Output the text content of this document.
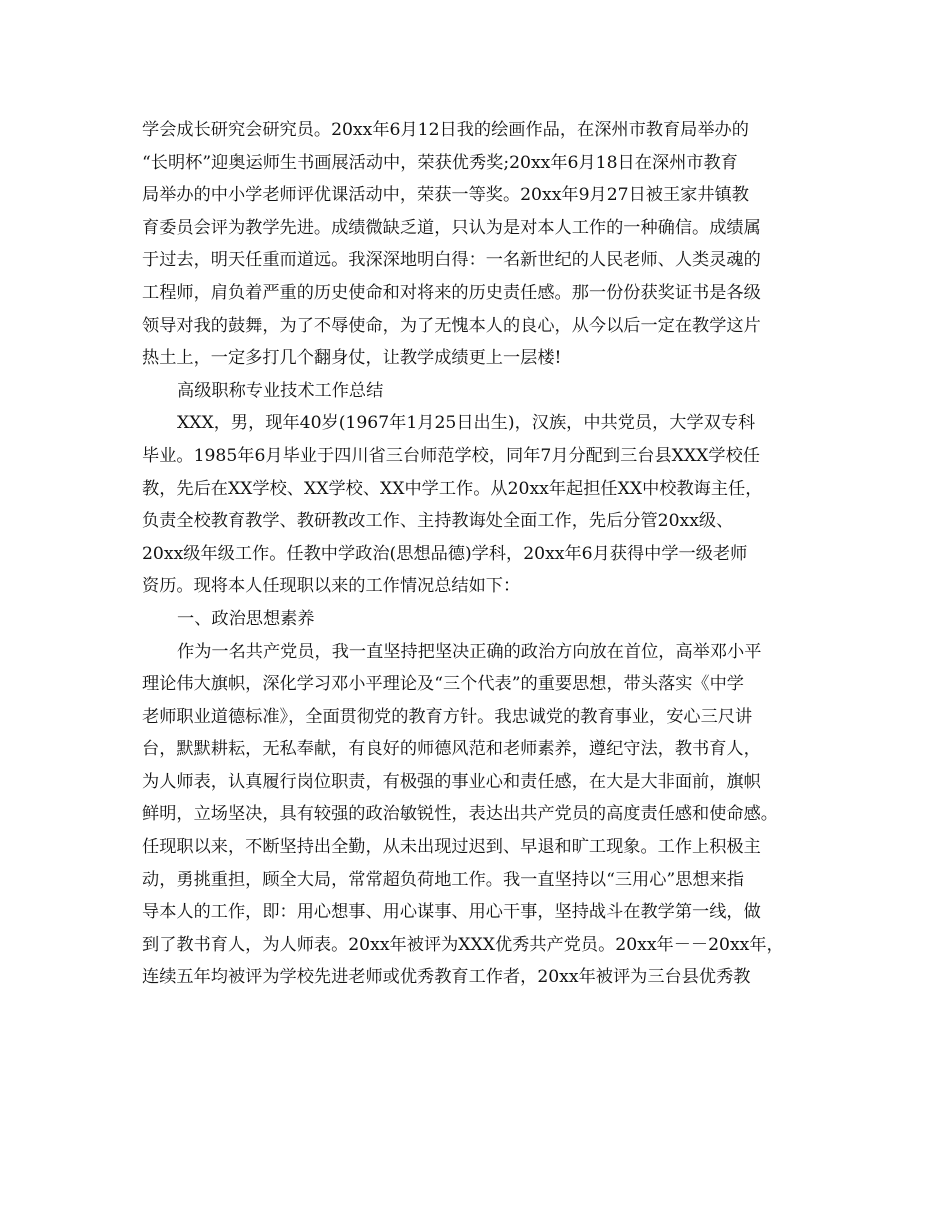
学会成长研究会研究员。20xx年6月12日我的绘画作品，在深州市教育局举办的
“长明杯”迎奥运师生书画展活动中，荣获优秀奖;20xx年6月18日在深州市教育
局举办的中小学老师评优课活动中，荣获一等奖。20xx年9月27日被王家井镇教
育委员会评为教学先进。成绩微缺乏道，只认为是对本人工作的一种确信。成绩属
于过去，明天任重而道远。我深深地明白得：一名新世纪的人民老师、人类灵魂的
工程师，肩负着严重的历史使命和对将来的历史责任感。那一份份获奖证书是各级
领导对我的鼓舞，为了不辱使命，为了无愧本人的良心，从今以后一定在教学这片
热土上，一定多打几个翻身仗，让教学成绩更上一层楼!
高级职称专业技术工作总结
XXX，男，现年40岁(1967年1月25日出生)，汉族，中共党员，大学双专科
毕业。1985年6月毕业于四川省三台师范学校，同年7月分配到三台县XXX学校任
教，先后在XX学校、XX学校、XX中学工作。从20xx年起担任XX中校教诲主任，
负责全校教育教学、教研教改工作、主持教诲处全面工作，先后分管20xx级、
20xx级年级工作。任教中学政治(思想品德)学科，20xx年6月获得中学一级老师
资历。现将本人任现职以来的工作情况总结如下：
一、政治思想素养
作为一名共产党员，我一直坚持把坚决正确的政治方向放在首位，高举邓小平
理论伟大旗帜，深化学习邓小平理论及“三个代表”的重要思想，带头落实《中学
老师职业道德标准》，全面贯彻党的教育方针。我忠诚党的教育事业，安心三尺讲
台，默默耕耘，无私奉献，有良好的师德风范和老师素养，遵纪守法，教书育人，
为人师表，认真履行岗位职责，有极强的事业心和责任感，在大是大非面前，旗帜
鲜明，立场坚决，具有较强的政治敏锐性，表达出共产党员的高度责任感和使命感。
任现职以来，不断坚持出全勤，从未出现过迟到、早退和旷工现象。工作上积极主
动，勇挑重担，顾全大局，常常超负荷地工作。我一直坚持以“三用心”思想来指
导本人的工作，即：用心想事、用心谋事、用心干事，坚持战斗在教学第一线，做
到了教书育人，为人师表。20xx年被评为XXX优秀共产党员。20xx年－－20xx年，
连续五年均被评为学校先进老师或优秀教育工作者，20xx年被评为三台县优秀教
